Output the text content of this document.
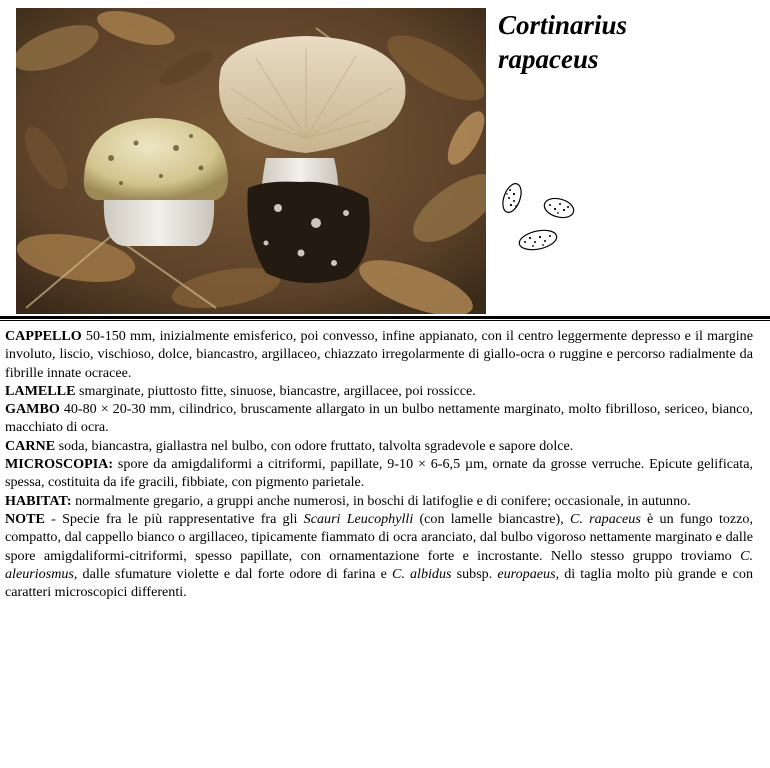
Cortinarius
rapaceus

CAPPELLO 50-150 mm, inizialmente emisferico, poi convesso, infine appianato, con il centro leggermente depresso e il margine involuto, liscio, vischioso, dolce, biancastro, argillaceo, chiazzato irregolarmente di giallo-ocra o ruggine e percorso radialmente da fibrille innate ocracee.

LAMELLE smarginate, piuttosto fitte, sinuose, biancastre, argillacee, poi rossicce.

GAMBO 40-80 × 20-30 mm, cilindrico, bruscamente allargato in un bulbo nettamente marginato, molto fibrilloso, sericeo, bianco, macchiato di ocra.

CARNE soda, biancastra, giallastra nel bulbo, con odore fruttato, talvolta sgradevole e sapore dolce.

MICROSCOPIA: spore da amigdaliformi a citriformi, papillate, 9-10 × 6-6,5 µm, ornate da grosse verruche. Epicute gelificata, spessa, costituita da ife gracili, fibbiate, con pigmento parietale.

HABITAT: normalmente gregario, a gruppi anche numerosi, in boschi di latifoglie e di conifere; occasionale, in autunno.

NOTE - Specie fra le più rappresentative fra gli Scauri Leucophylli (con lamelle biancastre), C. rapaceus è un fungo tozzo, compatto, dal cappello bianco o argillaceo, tipicamente fiammato di ocra aranciato, dal bulbo vigoroso nettamente marginato e dalle spore amigdaliformi-citriformi, spesso papillate, con ornamentazione forte e incrostante. Nello stesso gruppo troviamo C. aleuriosmus, dalle sfumature violette e dal forte odore di farina e C. albidus subsp. europaeus, di taglia molto più grande e con caratteri microscopici differenti.
